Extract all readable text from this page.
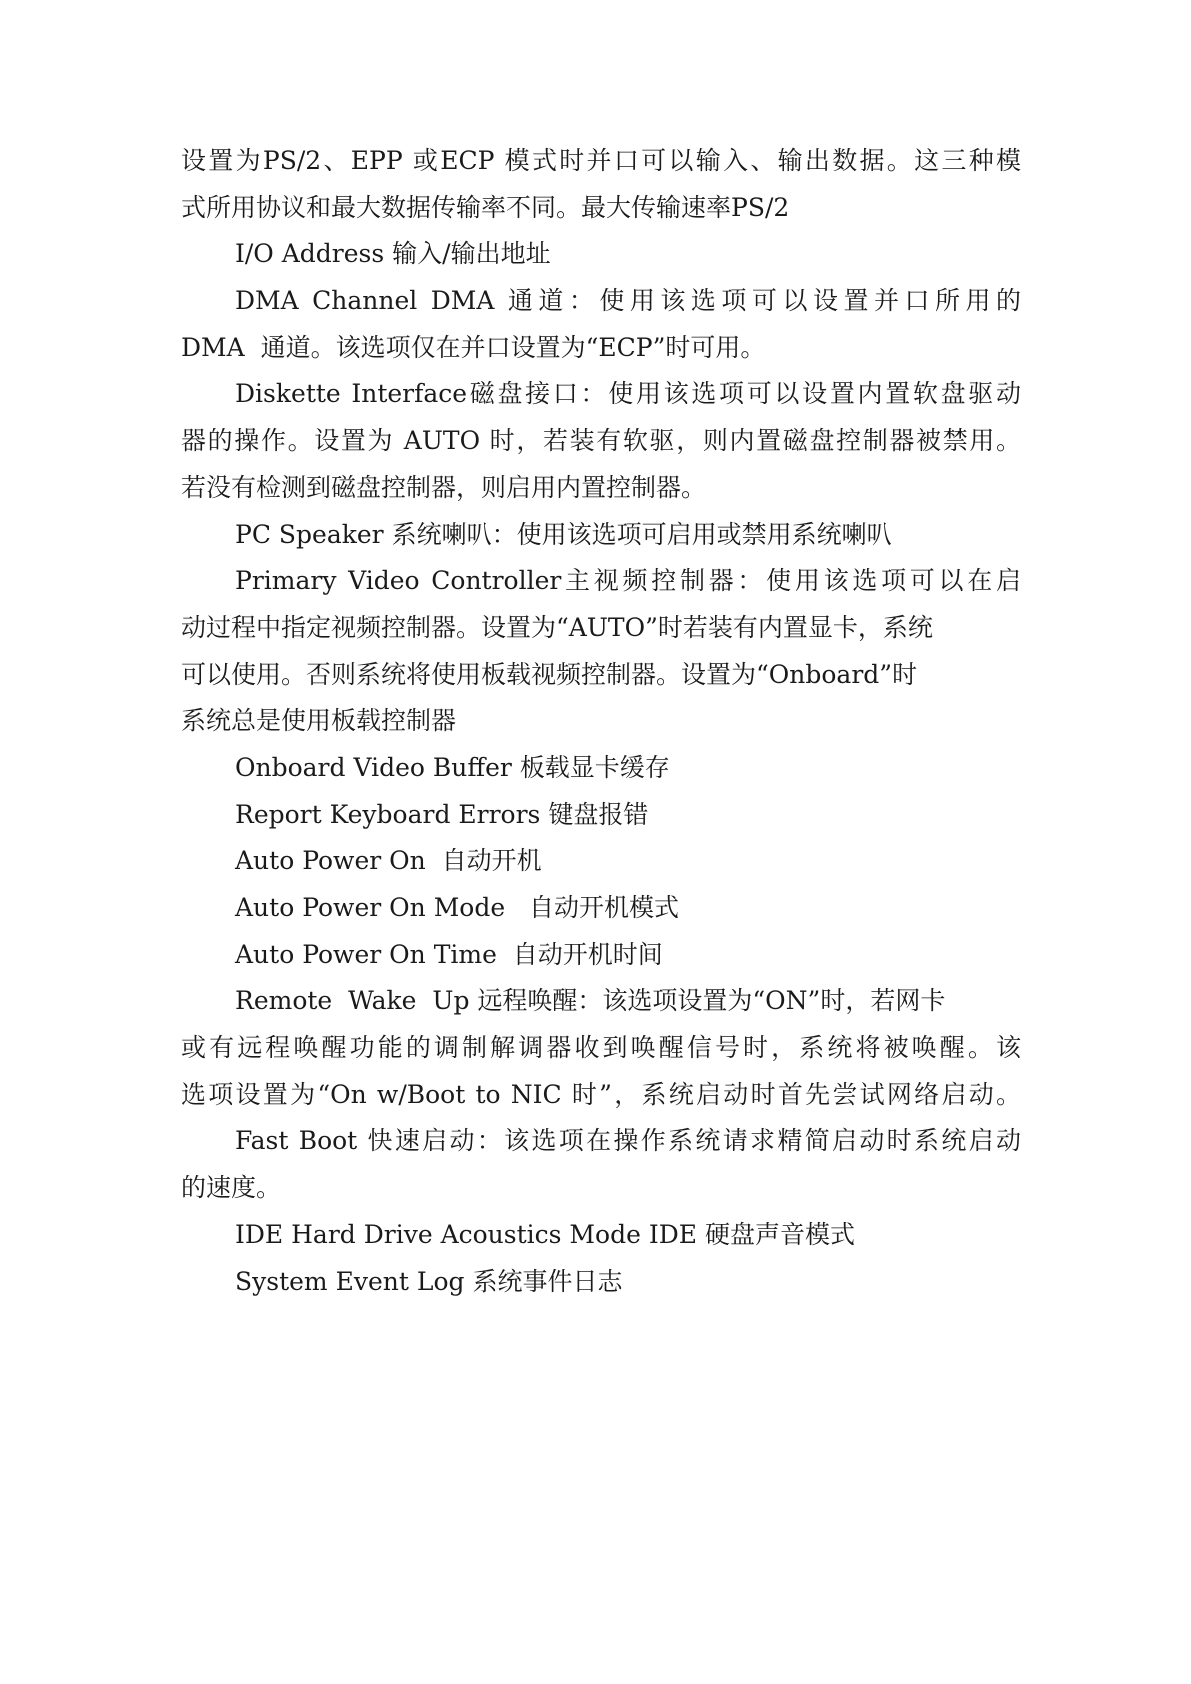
设置为PS/2、EPP 或ECP 模式时并口可以输入、输出数据。这三种模
式所用协议和最大数据传输率不同。最大传输速率PS/2
I/O Address 输入/输出地址
DMA Channel DMA 通道：使用该选项可以设置并口所用的
DMA  通道。该选项仅在并口设置为“ECP”时可用。
Diskette Interface磁盘接口：使用该选项可以设置内置软盘驱动
器的操作。设置为 AUTO 时，若装有软驱，则内置磁盘控制器被禁用。
若没有检测到磁盘控制器，则启用内置控制器。
PC Speaker 系统喇叭：使用该选项可启用或禁用系统喇叭
Primary Video Controller主视频控制器：使用该选项可以在启
动过程中指定视频控制器。设置为“AUTO”时若装有内置显卡，系统
可以使用。否则系统将使用板载视频控制器。设置为“Onboard”时
系统总是使用板载控制器
Onboard Video Buffer 板载显卡缓存
Report Keyboard Errors 键盘报错
Auto Power On  自动开机
Auto Power On Mode   自动开机模式
Auto Power On Time  自动开机时间
Remote  Wake  Up 远程唤醒：该选项设置为“ON”时，若网卡
或有远程唤醒功能的调制解调器收到唤醒信号时，系统将被唤醒。该
选项设置为“On w/Boot to NIC 时”，系统启动时首先尝试网络启动。
Fast Boot 快速启动：该选项在操作系统请求精简启动时系统启动
的速度。
IDE Hard Drive Acoustics Mode IDE 硬盘声音模式
System Event Log 系统事件日志
